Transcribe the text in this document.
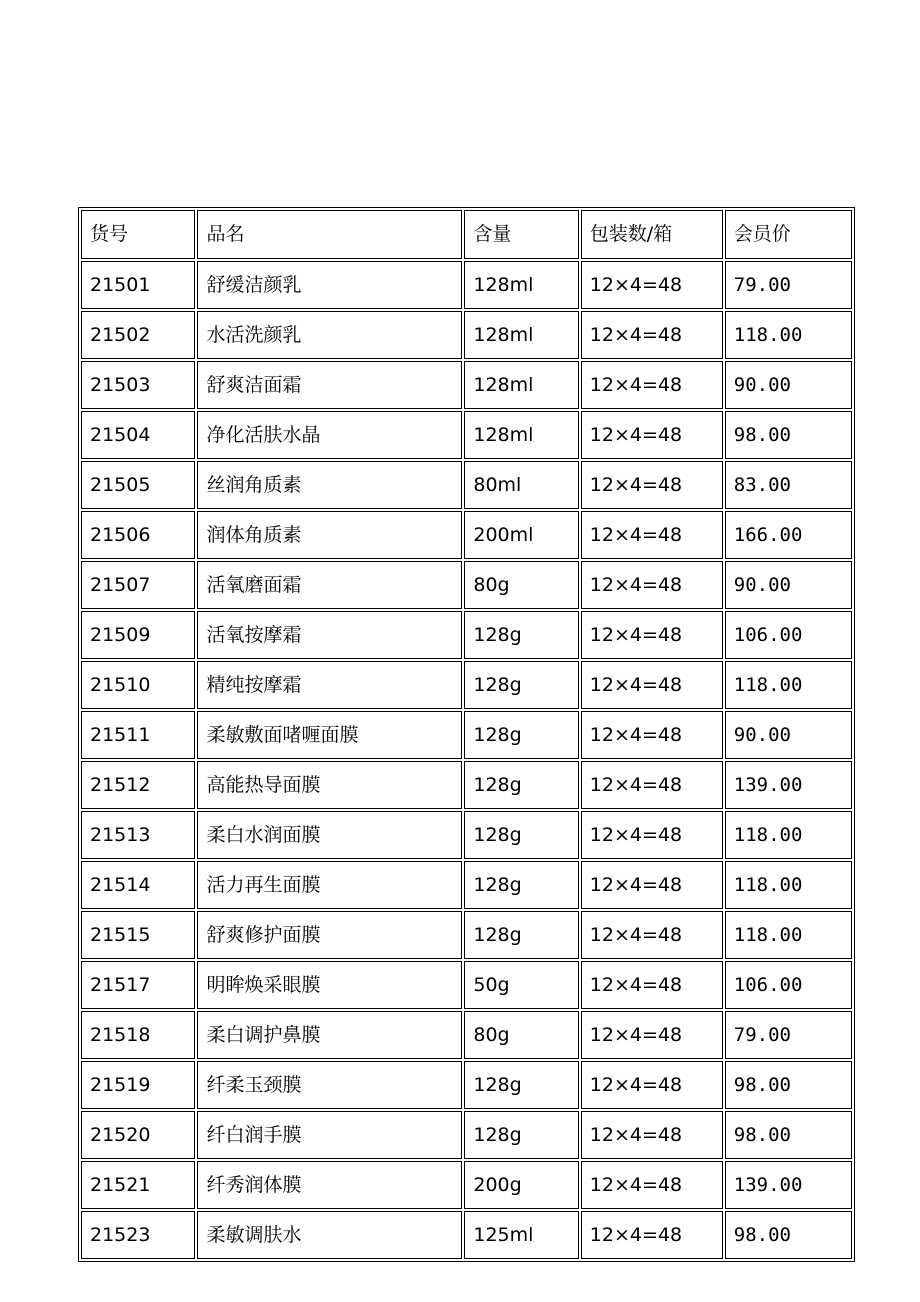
货号	品名	含量	包装数/箱	会员价
21501	舒缓洁颜乳	128ml	12×4=48	79.00
21502	水活洗颜乳	128ml	12×4=48	118.00
21503	舒爽洁面霜	128ml	12×4=48	90.00
21504	净化活肤水晶	128ml	12×4=48	98.00
21505	丝润角质素	80ml	12×4=48	83.00
21506	润体角质素	200ml	12×4=48	166.00
21507	活氧磨面霜	80g	12×4=48	90.00
21509	活氧按摩霜	128g	12×4=48	106.00
21510	精纯按摩霜	128g	12×4=48	118.00
21511	柔敏敷面啫喱面膜	128g	12×4=48	90.00
21512	高能热导面膜	128g	12×4=48	139.00
21513	柔白水润面膜	128g	12×4=48	118.00
21514	活力再生面膜	128g	12×4=48	118.00
21515	舒爽修护面膜	128g	12×4=48	118.00
21517	明眸焕采眼膜	50g	12×4=48	106.00
21518	柔白调护鼻膜	80g	12×4=48	79.00
21519	纤柔玉颈膜	128g	12×4=48	98.00
21520	纤白润手膜	128g	12×4=48	98.00
21521	纤秀润体膜	200g	12×4=48	139.00
21523	柔敏调肤水	125ml	12×4=48	98.00
